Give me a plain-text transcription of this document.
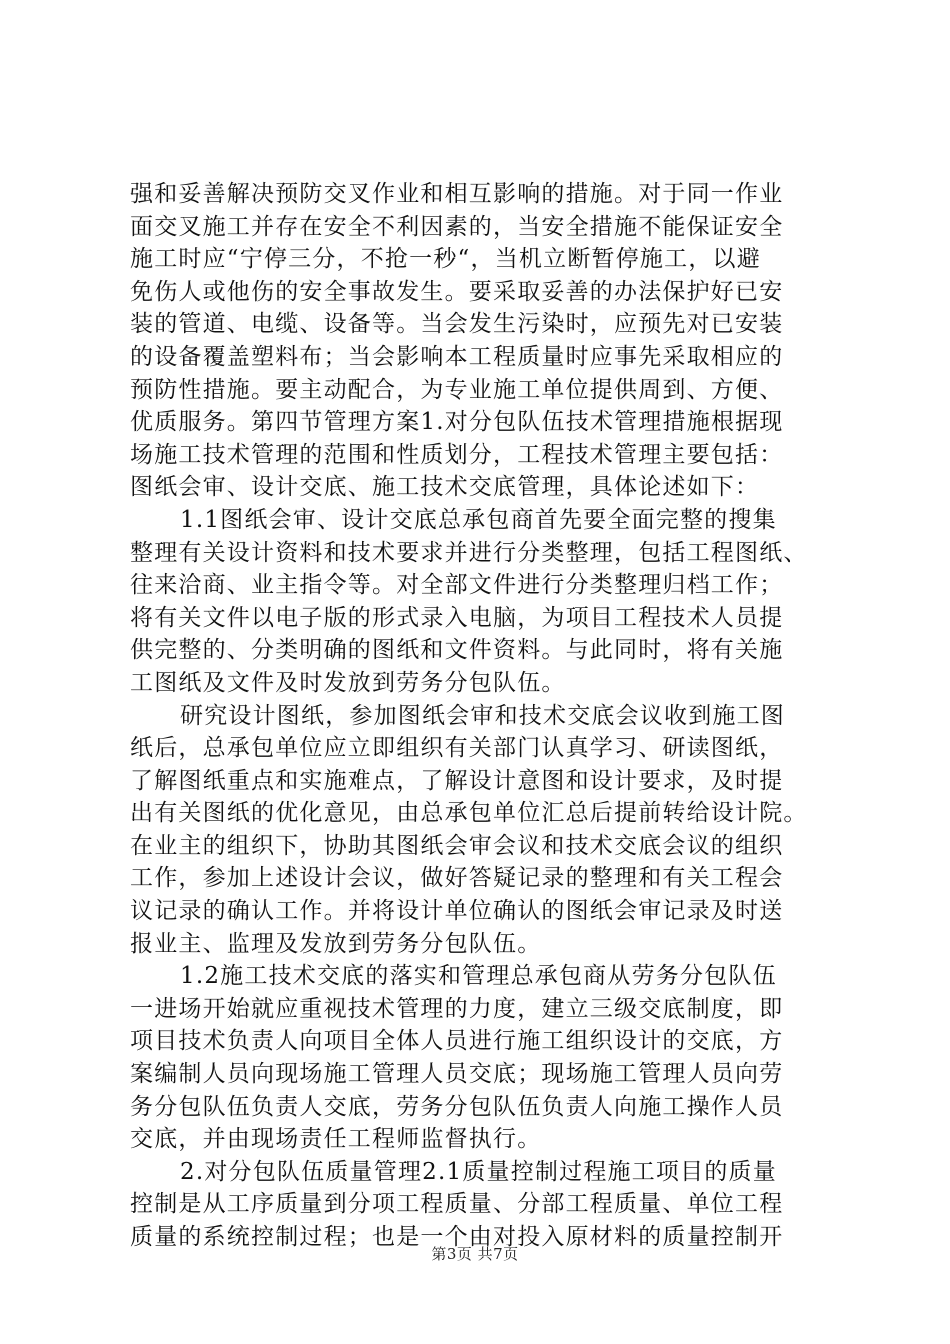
强和妥善解决预防交叉作业和相互影响的措施。对于同一作业
面交叉施工并存在安全不利因素的，当安全措施不能保证安全
施工时应“宁停三分，不抢一秒“，当机立断暂停施工，以避
免伤人或他伤的安全事故发生。要采取妥善的办法保护好已安
装的管道、电缆、设备等。当会发生污染时，应预先对已安装
的设备覆盖塑料布；当会影响本工程质量时应事先采取相应的
预防性措施。要主动配合，为专业施工单位提供周到、方便、
优质服务。第四节管理方案1.对分包队伍技术管理措施根据现
场施工技术管理的范围和性质划分，工程技术管理主要包括：
图纸会审、设计交底、施工技术交底管理，具体论述如下：
1.1图纸会审、设计交底总承包商首先要全面完整的搜集
整理有关设计资料和技术要求并进行分类整理，包括工程图纸、
往来洽商、业主指令等。对全部文件进行分类整理归档工作；
将有关文件以电子版的形式录入电脑，为项目工程技术人员提
供完整的、分类明确的图纸和文件资料。与此同时，将有关施
工图纸及文件及时发放到劳务分包队伍。
研究设计图纸，参加图纸会审和技术交底会议收到施工图
纸后，总承包单位应立即组织有关部门认真学习、研读图纸，
了解图纸重点和实施难点，了解设计意图和设计要求，及时提
出有关图纸的优化意见，由总承包单位汇总后提前转给设计院。
在业主的组织下，协助其图纸会审会议和技术交底会议的组织
工作，参加上述设计会议，做好答疑记录的整理和有关工程会
议记录的确认工作。并将设计单位确认的图纸会审记录及时送
报业主、监理及发放到劳务分包队伍。
1.2施工技术交底的落实和管理总承包商从劳务分包队伍
一进场开始就应重视技术管理的力度，建立三级交底制度，即
项目技术负责人向项目全体人员进行施工组织设计的交底，方
案编制人员向现场施工管理人员交底；现场施工管理人员向劳
务分包队伍负责人交底，劳务分包队伍负责人向施工操作人员
交底，并由现场责任工程师监督执行。
2.对分包队伍质量管理2.1质量控制过程施工项目的质量
控制是从工序质量到分项工程质量、分部工程质量、单位工程
质量的系统控制过程；也是一个由对投入原材料的质量控制开
第3页 共7页
